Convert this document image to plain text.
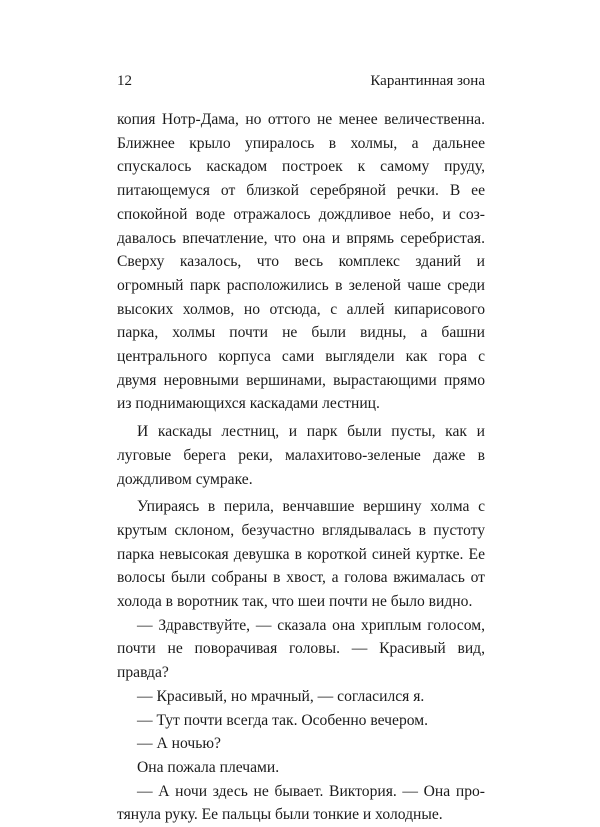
12	Карантинная зона

копия Нотр-Дама, но оттого не менее величественна. Ближнее крыло упиралось в холмы, а дальнее спускалось каскадом построек к самому пруду, питающемуся от близкой серебряной речки. В ее спокойной воде отражалось дождливое небо, и создавалось впечатление, что она и впрямь серебристая. Сверху казалось, что весь комплекс зданий и огромный парк расположились в зеленой чаше среди высоких холмов, но отсюда, с аллей кипарисового парка, холмы почти не были видны, а башни центрального корпуса сами выглядели как гора с двумя неровными вершинами, вырастающими прямо из поднимающихся каскадами лестниц.

И каскады лестниц, и парк были пусты, как и луговые берега реки, малахитово-зеленые даже в дождливом сумраке.

Упираясь в перила, венчавшие вершину холма с крутым склоном, безучастно вглядывалась в пустоту парка невысокая девушка в короткой синей куртке. Ее волосы были собраны в хвост, а голова вжималась от холода в воротник так, что шеи почти не было видно.

— Здравствуйте, — сказала она хриплым голосом, почти не поворачивая головы. — Красивый вид, правда?

— Красивый, но мрачный, — согласился я.

— Тут почти всегда так. Особенно вечером.

— А ночью?

Она пожала плечами.

— А ночи здесь не бывает. Виктория. — Она протянула руку. Ее пальцы были тонкие и холодные.
